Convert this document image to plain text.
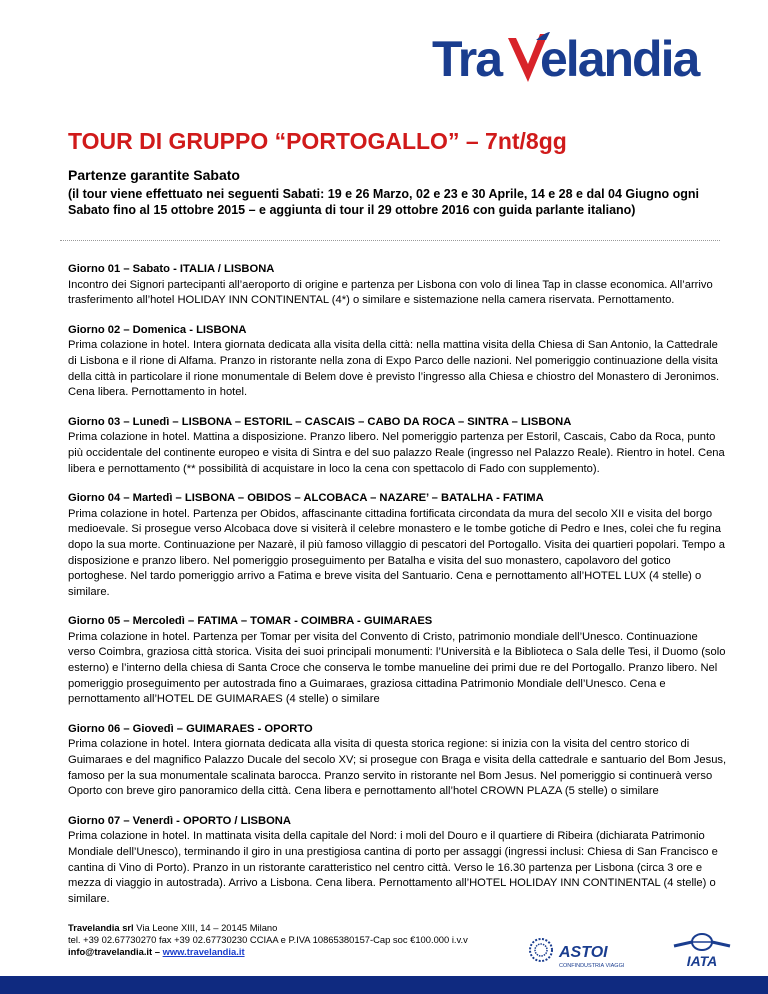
Tra elandia
TOUR DI GRUPPO “PORTOGALLO” – 7nt/8gg
Partenze garantite Sabato
(il tour viene effettuato nei seguenti Sabati: 19 e 26 Marzo, 02 e 23 e 30 Aprile, 14 e 28 e dal 04 Giugno ogni Sabato fino al 15 ottobre 2015 – e aggiunta di tour il 29 ottobre 2016 con guida parlante italiano)
Giorno 01 – Sabato - ITALIA / LISBONA
Incontro dei Signori partecipanti all’aeroporto di origine e partenza per Lisbona con volo di linea Tap in classe economica. All’arrivo trasferimento all’hotel HOLIDAY INN CONTINENTAL (4*) o similare e sistemazione nella camera riservata. Pernottamento.
Giorno 02 – Domenica - LISBONA
Prima colazione in hotel. Intera giornata dedicata alla visita della città: nella mattina visita della Chiesa di San Antonio, la Cattedrale di Lisbona e il rione di Alfama. Pranzo in ristorante nella zona di Expo Parco delle nazioni. Nel pomeriggio continuazione della visita della città in particolare il rione monumentale di Belem dove è previsto l’ingresso alla Chiesa e chiostro del Monastero di Jeronimos. Cena libera. Pernottamento in hotel.
Giorno 03 – Lunedì – LISBONA – ESTORIL – CASCAIS – CABO DA ROCA – SINTRA – LISBONA
Prima colazione in hotel. Mattina a disposizione. Pranzo libero. Nel pomeriggio partenza per Estoril, Cascais, Cabo da Roca, punto più occidentale del continente europeo e visita di Sintra e del suo palazzo Reale (ingresso nel Palazzo Reale). Rientro in hotel. Cena libera e pernottamento (** possibilità di acquistare in loco la cena con spettacolo di Fado con supplemento).
Giorno 04 – Martedì – LISBONA – OBIDOS – ALCOBACA – NAZARE’ – BATALHA - FATIMA
Prima colazione in hotel. Partenza per Obidos, affascinante cittadina fortificata circondata da mura del secolo XII e visita del borgo medioevale. Si prosegue verso Alcobaca dove si visiterà il celebre monastero e le tombe gotiche di Pedro e Ines, colei che fu regina dopo la sua morte. Continuazione per Nazarè, il più famoso villaggio di pescatori del Portogallo. Visita dei quartieri popolari. Tempo a disposizione e pranzo libero. Nel pomeriggio proseguimento per Batalha e visita del suo monastero, capolavoro del gotico portoghese. Nel tardo pomeriggio arrivo a Fatima e breve visita del Santuario. Cena e pernottamento all’HOTEL LUX (4 stelle) o similare.
Giorno 05 – Mercoledì – FATIMA – TOMAR - COIMBRA - GUIMARAES
Prima colazione in hotel. Partenza per Tomar per visita del Convento di Cristo, patrimonio mondiale dell’Unesco. Continuazione verso Coimbra, graziosa città storica. Visita dei suoi principali monumenti: l’Università e la Biblioteca o Sala delle Tesi, il Duomo (solo esterno) e l’interno della chiesa di Santa Croce che conserva le tombe manueline dei primi due re del Portogallo. Pranzo libero. Nel pomeriggio proseguimento per autostrada fino a Guimaraes, graziosa cittadina Patrimonio Mondiale dell’Unesco. Cena e pernottamento all’HOTEL DE GUIMARAES (4 stelle) o similare
Giorno 06 – Giovedì – GUIMARAES - OPORTO
Prima colazione in hotel. Intera giornata dedicata alla visita di questa storica regione: si inizia con la visita del centro storico di Guimaraes e del magnifico Palazzo Ducale del secolo XV; si prosegue con Braga e visita della cattedrale e santuario del Bom Jesus, famoso per la sua monumentale scalinata barocca. Pranzo servito in ristorante nel Bom Jesus. Nel pomeriggio si continuerà verso Oporto con breve giro panoramico della città. Cena libera e pernottamento all’hotel CROWN PLAZA (5 stelle) o similare
Giorno 07 – Venerdì - OPORTO / LISBONA
Prima colazione in hotel. In mattinata visita della capitale del Nord: i moli del Douro e il quartiere di Ribeira (dichiarata Patrimonio Mondiale dell’Unesco), terminando il giro in una prestigiosa cantina di porto per assaggi (ingressi inclusi: Chiesa di San Francisco e cantina di Vino di Porto). Pranzo in un ristorante caratteristico nel centro città. Verso le 16.30 partenza per Lisbona (circa 3 ore e mezza di viaggio in autostrada). Arrivo a Lisbona. Cena libera. Pernottamento all’HOTEL HOLIDAY INN CONTINENTAL (4 stelle) o similare.
Travelandia srl Via Leone XIII, 14 – 20145 Milano
tel. +39 02.67730270 fax +39 02.67730230 CCIAA e P.IVA 10865380157-Cap soc €100.000 i.v.v
info@travelandia.it – www.travelandia.it	ASTOI
CONFINDUSTRIA VIAGGI	IATA
